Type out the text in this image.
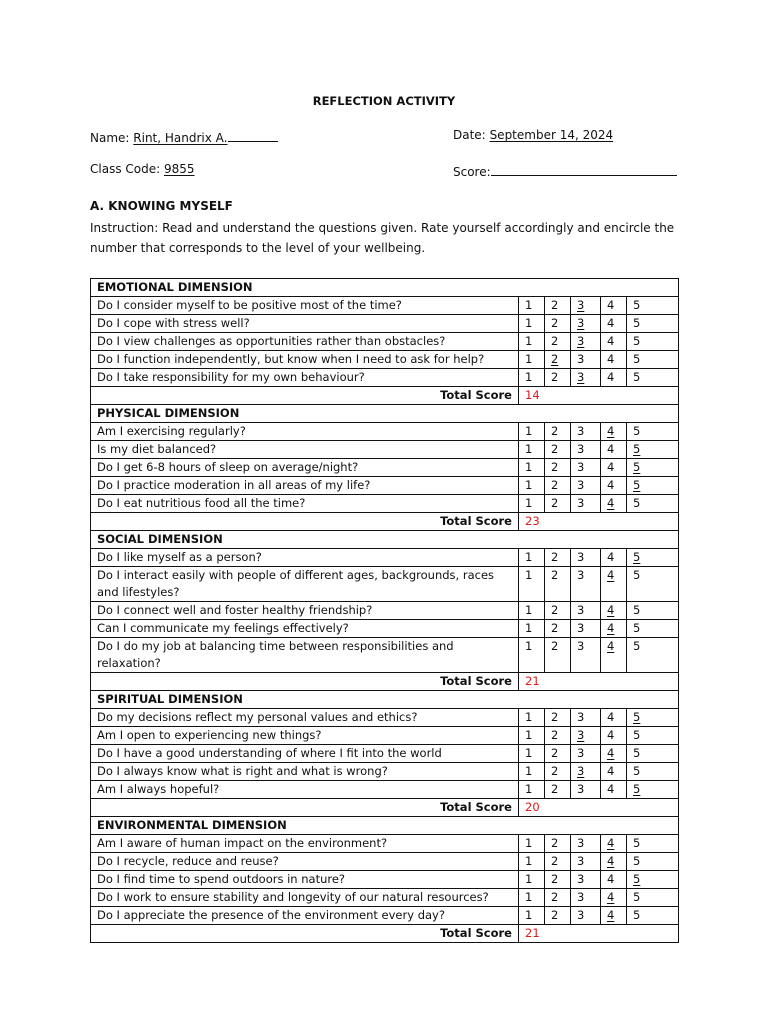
REFLECTION ACTIVITY
Name: Rint, Handrix A.	Date: September 14, 2024
Class Code: 9855	Score:
A. KNOWING MYSELF
Instruction: Read and understand the questions given. Rate yourself accordingly and encircle the number that corresponds to the level of your wellbeing.
EMOTIONAL DIMENSION					
Do I consider myself to be positive most of the time?	1	2	3	4	5
Do I cope with stress well?	1	2	3	4	5
Do I view challenges as opportunities rather than obstacles?	1	2	3	4	5
Do I function independently, but know when I need to ask for help?	1	2	3	4	5
Do I take responsibility for my own behaviour?	1	2	3	4	5
Total Score	14				
PHYSICAL DIMENSION					
Am I exercising regularly?	1	2	3	4	5
Is my diet balanced?	1	2	3	4	5
Do I get 6-8 hours of sleep on average/night?	1	2	3	4	5
Do I practice moderation in all areas of my life?	1	2	3	4	5
Do I eat nutritious food all the time?	1	2	3	4	5
Total Score	23				
SOCIAL DIMENSION					
Do I like myself as a person?	1	2	3	4	5
Do I interact easily with people of different ages, backgrounds, races and lifestyles?	1	2	3	4	5
Do I connect well and foster healthy friendship?	1	2	3	4	5
Can I communicate my feelings effectively?	1	2	3	4	5
Do I do my job at balancing time between responsibilities and relaxation?	1	2	3	4	5
Total Score	21				
SPIRITUAL DIMENSION					
Do my decisions reflect my personal values and ethics?	1	2	3	4	5
Am I open to experiencing new things?	1	2	3	4	5
Do I have a good understanding of where I fit into the world	1	2	3	4	5
Do I always know what is right and what is wrong?	1	2	3	4	5
Am I always hopeful?	1	2	3	4	5
Total Score	20				
ENVIRONMENTAL DIMENSION					
Am I aware of human impact on the environment?	1	2	3	4	5
Do I recycle, reduce and reuse?	1	2	3	4	5
Do I find time to spend outdoors in nature?	1	2	3	4	5
Do I work to ensure stability and longevity of our natural resources?	1	2	3	4	5
Do I appreciate the presence of the environment every day?	1	2	3	4	5
Total Score	21				
